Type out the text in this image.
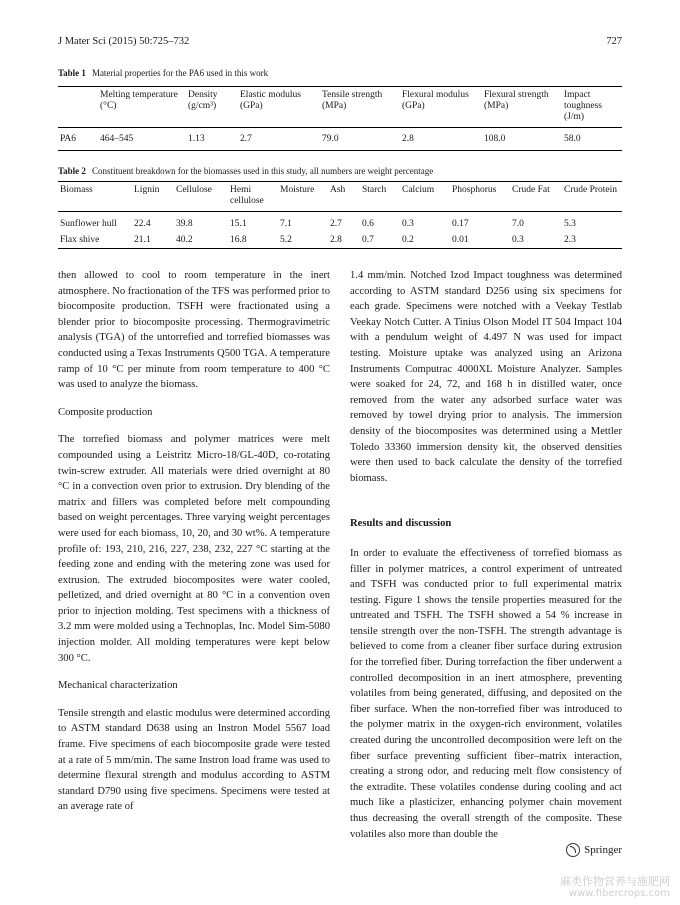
J Mater Sci (2015) 50:725–732	727
Table 1 Material properties for the PA6 used in this work
	Melting temperature (°C)	Density (g/cm³)	Elastic modulus (GPa)	Tensile strength (MPa)	Flexural modulus (GPa)	Flexural strength (MPa)	Impact toughness (J/m)
PA6	464–545	1.13	2.7	79.0	2.8	108.0	58.0
Table 2 Constituent breakdown for the biomasses used in this study, all numbers are weight percentage
Biomass	Lignin	Cellulose	Hemi cellulose	Moisture	Ash	Starch	Calcium	Phosphorus	Crude Fat	Crude Protein
Sunflower hull	22.4	39.8	15.1	7.1	2.7	0.6	0.3	0.17	7.0	5.3
Flax shive	21.1	40.2	16.8	5.2	2.8	0.7	0.2	0.01	0.3	2.3

then allowed to cool to room temperature in the inert atmosphere. No fractionation of the TFS was performed prior to biocomposite production. TSFH were fractionated using a blender prior to biocomposite processing. Thermogravimetric analysis (TGA) of the untorrefied and torrefied biomasses was conducted using a Texas Instruments Q500 TGA. A temperature ramp of 10 °C per minute from room temperature to 400 °C was used to analyze the biomass.

Composite production

The torrefied biomass and polymer matrices were melt compounded using a Leistritz Micro-18/GL-40D, co-rotating twin-screw extruder. All materials were dried overnight at 80 °C in a convection oven prior to extrusion. Dry blending of the matrix and fillers was completed before melt compounding based on weight percentages. Three varying weight percentages were used for each biomass, 10, 20, and 30 wt%. A temperature profile of: 193, 210, 216, 227, 238, 232, 227 °C starting at the feeding zone and ending with the metering zone was used for extrusion. The extruded biocomposites were water cooled, pelletized, and dried overnight at 80 °C in a convention oven prior to injection molding. Test specimens with a thickness of 3.2 mm were molded using a Technoplas, Inc. Model Sim-5080 injection molder. All molding temperatures were kept below 300 °C.

Mechanical characterization

Tensile strength and elastic modulus were determined according to ASTM standard D638 using an Instron Model 5567 load frame. Five specimens of each biocomposite grade were tested at a rate of 5 mm/min. The same Instron load frame was used to determine flexural strength and modulus according to ASTM standard D790 using five specimens. Specimens were tested at an average rate of

1.4 mm/min. Notched Izod Impact toughness was determined according to ASTM standard D256 using six specimens for each grade. Specimens were notched with a Veekay Testlab Veekay Notch Cutter. A Tinius Olson Model IT 504 Impact 104 with a pendulum weight of 4.497 N was used for impact testing. Moisture uptake was analyzed using an Arizona Instruments Computrac 4000XL Moisture Analyzer. Samples were soaked for 24, 72, and 168 h in distilled water, once removed from the water any adsorbed surface water was removed by towel drying prior to analysis. The immersion density of the biocomposites was determined using a Mettler Toledo 33360 immersion density kit, the observed densities were then used to back calculate the density of the torrefied biomass.

Results and discussion

In order to evaluate the effectiveness of torrefied biomass as filler in polymer matrices, a control experiment of untreated and TSFH was conducted prior to full experimental matrix testing. Figure 1 shows the tensile properties measured for the untreated and TSFH. The TSFH showed a 54 % increase in tensile strength over the non-TSFH. The strength advantage is believed to come from a cleaner fiber surface during extrusion for the torrefied fiber. During torrefaction the fiber underwent a controlled decomposition in an inert atmosphere, preventing volatiles from being generated, diffusing, and deposited on the fiber surface. When the non-torrefied fiber was introduced to the polymer matrix in the oxygen-rich environment, volatiles created during the uncontrolled decomposition were left on the fiber surface preventing sufficient fiber–matrix interaction, creating a strong odor, and reducing melt flow consistency of the extradite. These volatiles condense during cooling and act much like a plasticizer, enhancing polymer chain movement thus decreasing the overall strength of the composite. These volatiles also more than double the

Springer
麻类作物营养与施肥网
www.fibercrops.com
